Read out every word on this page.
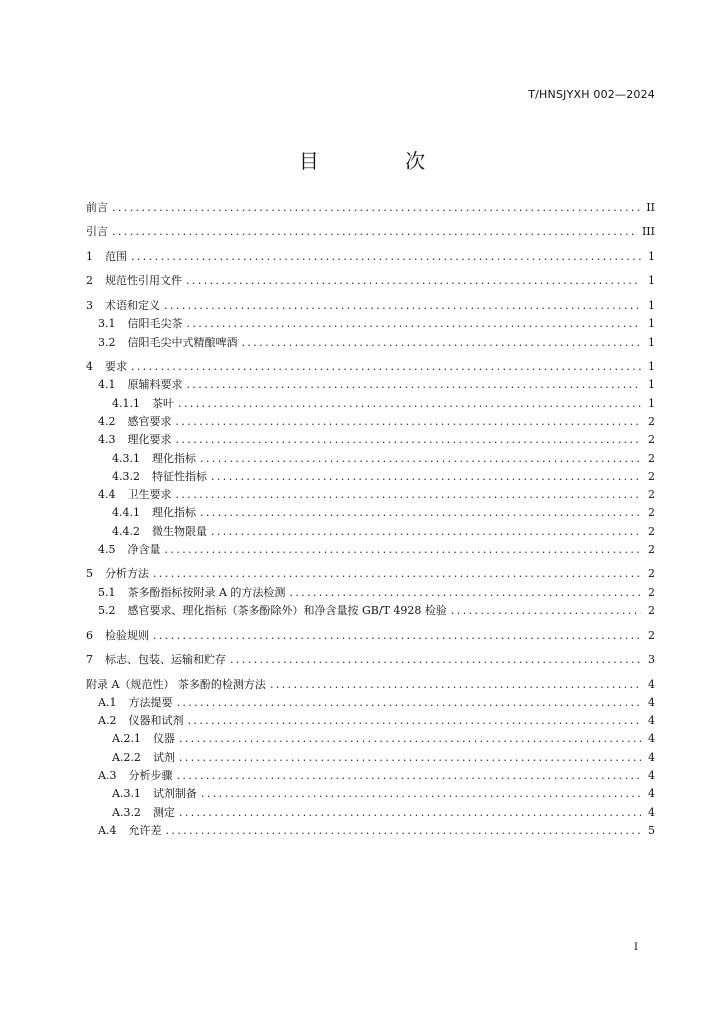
T/HNSJYXH 002—2024
目 次
前言 .....	II
引言 .....	III
1 范围 .....	1
2 规范性引用文件 .....	1
3 术语和定义 .....	1
3.1 信阳毛尖茶 .....	1
3.2 信阳毛尖中式精酿啤酒 .....	1
4 要求 .....	1
4.1 原辅料要求 .....	1
4.1.1 茶叶 .....	1
4.2 感官要求 .....	2
4.3 理化要求 .....	2
4.3.1 理化指标 .....	2
4.3.2 特征性指标 .....	2
4.4 卫生要求 .....	2
4.4.1 理化指标 .....	2
4.4.2 微生物限量 .....	2
4.5 净含量 .....	2
5 分析方法 .....	2
5.1 茶多酚指标按附录 A 的方法检测 .....	2
5.2 感官要求、理化指标（茶多酚除外）和净含量按 GB/T 4928 检验 .....	2
6 检验规则 .....	2
7 标志、包装、运输和贮存 .....	3
附录 A（规范性） 茶多酚的检测方法 .....	4
A.1 方法提要 .....	4
A.2 仪器和试剂 .....	4
A.2.1 仪器 .....	4
A.2.2 试剂 .....	4
A.3 分析步骤 .....	4
A.3.1 试剂制备 .....	4
A.3.2 测定 .....	4
A.4 允许差 .....	5
I
